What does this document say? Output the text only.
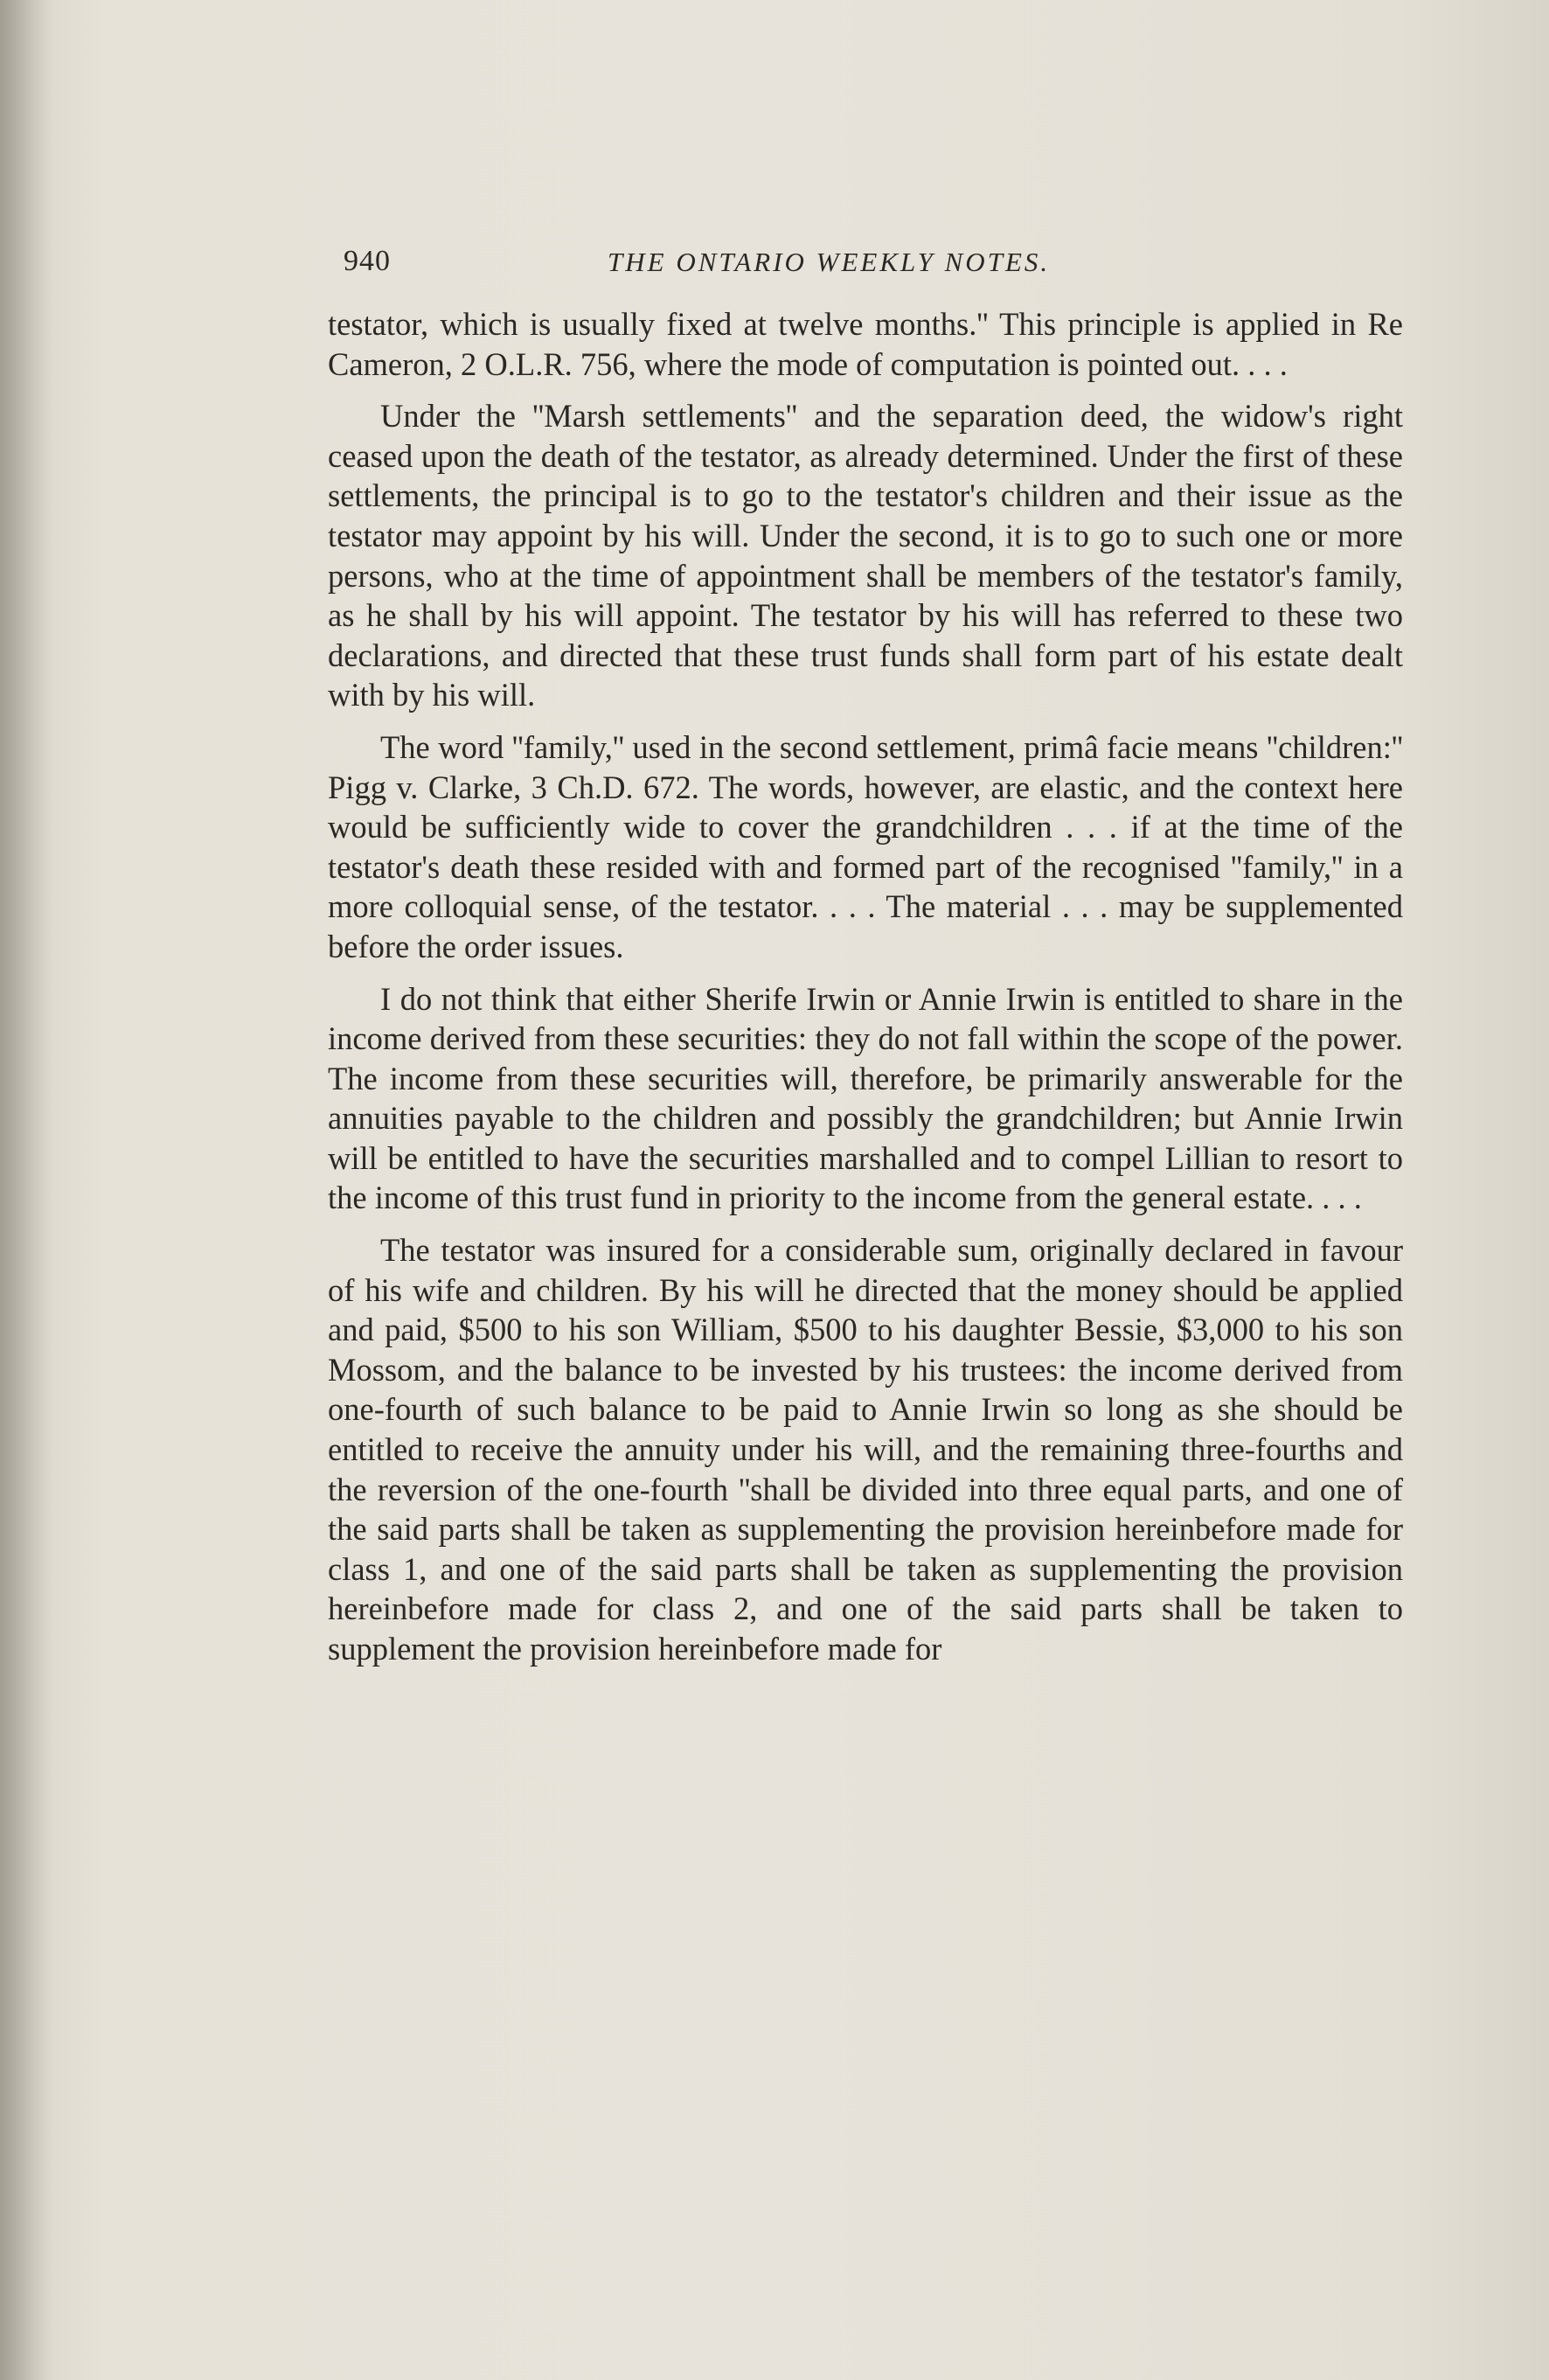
940	THE ONTARIO WEEKLY NOTES.

testator, which is usually fixed at twelve months.'' This principle is applied in Re Cameron, 2 O.L.R. 756, where the mode of computation is pointed out. . . .

Under the ''Marsh settlements'' and the separation deed, the widow's right ceased upon the death of the testator, as already determined. Under the first of these settlements, the principal is to go to the testator's children and their issue as the testator may appoint by his will. Under the second, it is to go to such one or more persons, who at the time of appointment shall be members of the testator's family, as he shall by his will appoint. The testator by his will has referred to these two declarations, and directed that these trust funds shall form part of his estate dealt with by his will.

The word ''family,'' used in the second settlement, primâ facie means ''children:'' Pigg v. Clarke, 3 Ch.D. 672. The words, however, are elastic, and the context here would be sufficiently wide to cover the grandchildren . . . if at the time of the testator's death these resided with and formed part of the recognised ''family,'' in a more colloquial sense, of the testator. . . . The material . . . may be supplemented before the order issues.

I do not think that either Sherife Irwin or Annie Irwin is entitled to share in the income derived from these securities: they do not fall within the scope of the power. The income from these securities will, therefore, be primarily answerable for the annuities payable to the children and possibly the grandchildren; but Annie Irwin will be entitled to have the securities marshalled and to compel Lillian to resort to the income of this trust fund in priority to the income from the general estate. . . .

The testator was insured for a considerable sum, originally declared in favour of his wife and children. By his will he directed that the money should be applied and paid, $500 to his son William, $500 to his daughter Bessie, $3,000 to his son Mossom, and the balance to be invested by his trustees: the income derived from one-fourth of such balance to be paid to Annie Irwin so long as she should be entitled to receive the annuity under his will, and the remaining three-fourths and the reversion of the one-fourth ''shall be divided into three equal parts, and one of the said parts shall be taken as supplementing the provision hereinbefore made for class 1, and one of the said parts shall be taken as supplementing the provision hereinbefore made for class 2, and one of the said parts shall be taken to supplement the provision hereinbefore made for
